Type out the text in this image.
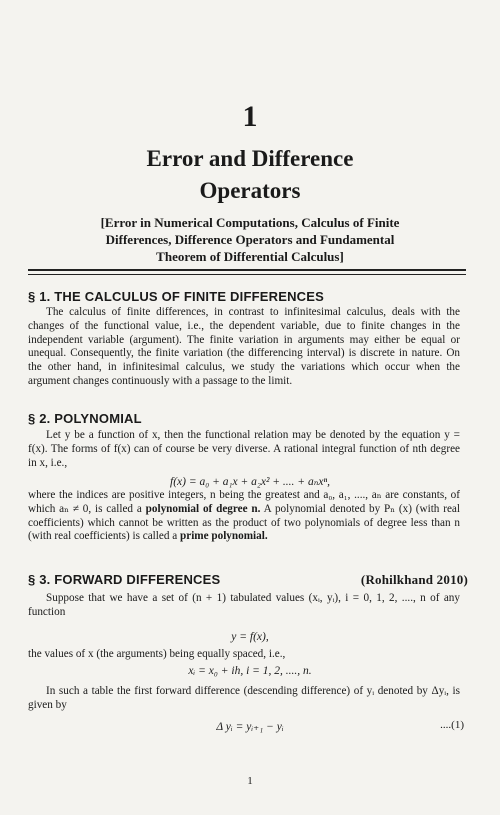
1
Error and Difference
Operators
[Error in Numerical Computations, Calculus of Finite
Differences, Difference Operators and Fundamental
Theorem of Differential Calculus]
§ 1. THE CALCULUS OF FINITE DIFFERENCES
The calculus of finite differences, in contrast to infinitesimal calculus, deals with the changes of the functional value, i.e., the dependent variable, due to finite changes in the independent variable (argument). The finite variation in arguments may either be equal or unequal. Consequently, the finite variation (the differencing interval) is discrete in nature. On the other hand, in infinitesimal calculus, we study the variations which occur when the argument changes continuously with a passage to the limit.
§ 2. POLYNOMIAL
Let y be a function of x, then the functional relation may be denoted by the equation y = f(x). The forms of f(x) can of course be very diverse. A rational integral function of nth degree in x, i.e.,
f(x) = a₀ + a₁x + a₂x² + .... + aₙxⁿ,
where the indices are positive integers, n being the greatest and a₀, a₁, ...., aₙ are constants, of which aₙ ≠ 0, is called a polynomial of degree n. A polynomial denoted by Pₙ (x) (with real coefficients) which cannot be written as the product of two polynomials of degree less than n (with real coefficients) is called a prime polynomial.
§ 3. FORWARD DIFFERENCES	(Rohilkhand 2010)
Suppose that we have a set of (n + 1) tabulated values (xᵢ, yᵢ), i = 0, 1, 2, ...., n of any function
y = f(x),
the values of x (the arguments) being equally spaced, i.e.,
xᵢ = x₀ + ih, i = 1, 2, ...., n.
In such a table the first forward difference (descending difference) of yᵢ denoted by Δyᵢ, is given by
Δ yᵢ = yᵢ₊₁ − yᵢ	....(1)
1
